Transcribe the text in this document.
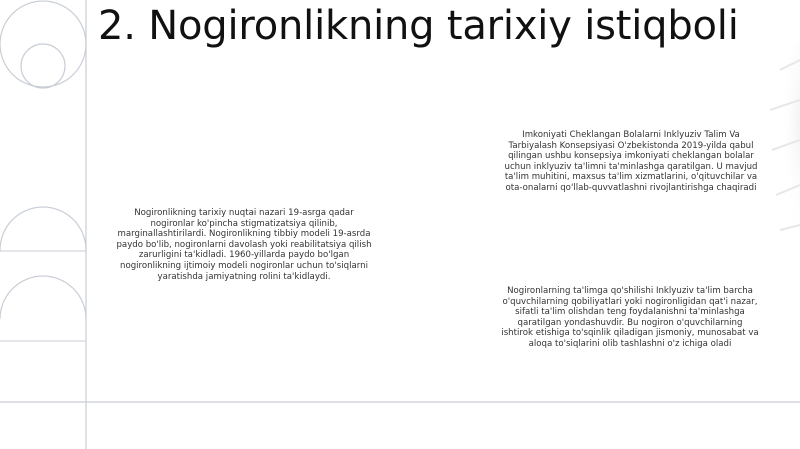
2. Nogironlikning tarixiy istiqboli
Nogironlikning tarixiy nuqtai nazari 19-asrga qadar
nogironlar ko'pincha stigmatizatsiya qilinib,
marginallashtirilardi. Nogironlikning tibbiy modeli 19-asrda
paydo bo'lib, nogironlarni davolash yoki reabilitatsiya qilish
zarurligini ta'kidladi. 1960-yillarda paydo bo'lgan
nogironlikning ijtimoiy modeli nogironlar uchun to'siqlarni
yaratishda jamiyatning rolini ta'kidlaydi.
Imkoniyati Cheklangan Bolalarni Inklyuziv Talim Va
Tarbiyalash Konsepsiyasi O'zbekistonda 2019-yilda qabul
qilingan ushbu konsepsiya imkoniyati cheklangan bolalar
uchun inklyuziv ta'limni ta'minlashga qaratilgan. U mavjud
ta'lim muhitini, maxsus ta'lim xizmatlarini, o'qituvchilar va
ota-onalarni qo'llab-quvvatlashni rivojlantirishga chaqiradi
Nogironlarning ta'limga qo'shilishi Inklyuziv ta'lim barcha
o'quvchilarning qobiliyatlari yoki nogironligidan qat'i nazar,
sifatli ta'lim olishdan teng foydalanishni ta'minlashga
qaratilgan yondashuvdir. Bu nogiron o'quvchilarning
ishtirok etishiga to'sqinlik qiladigan jismoniy, munosabat va
aloqa to'siqlarini olib tashlashni o'z ichiga oladi
